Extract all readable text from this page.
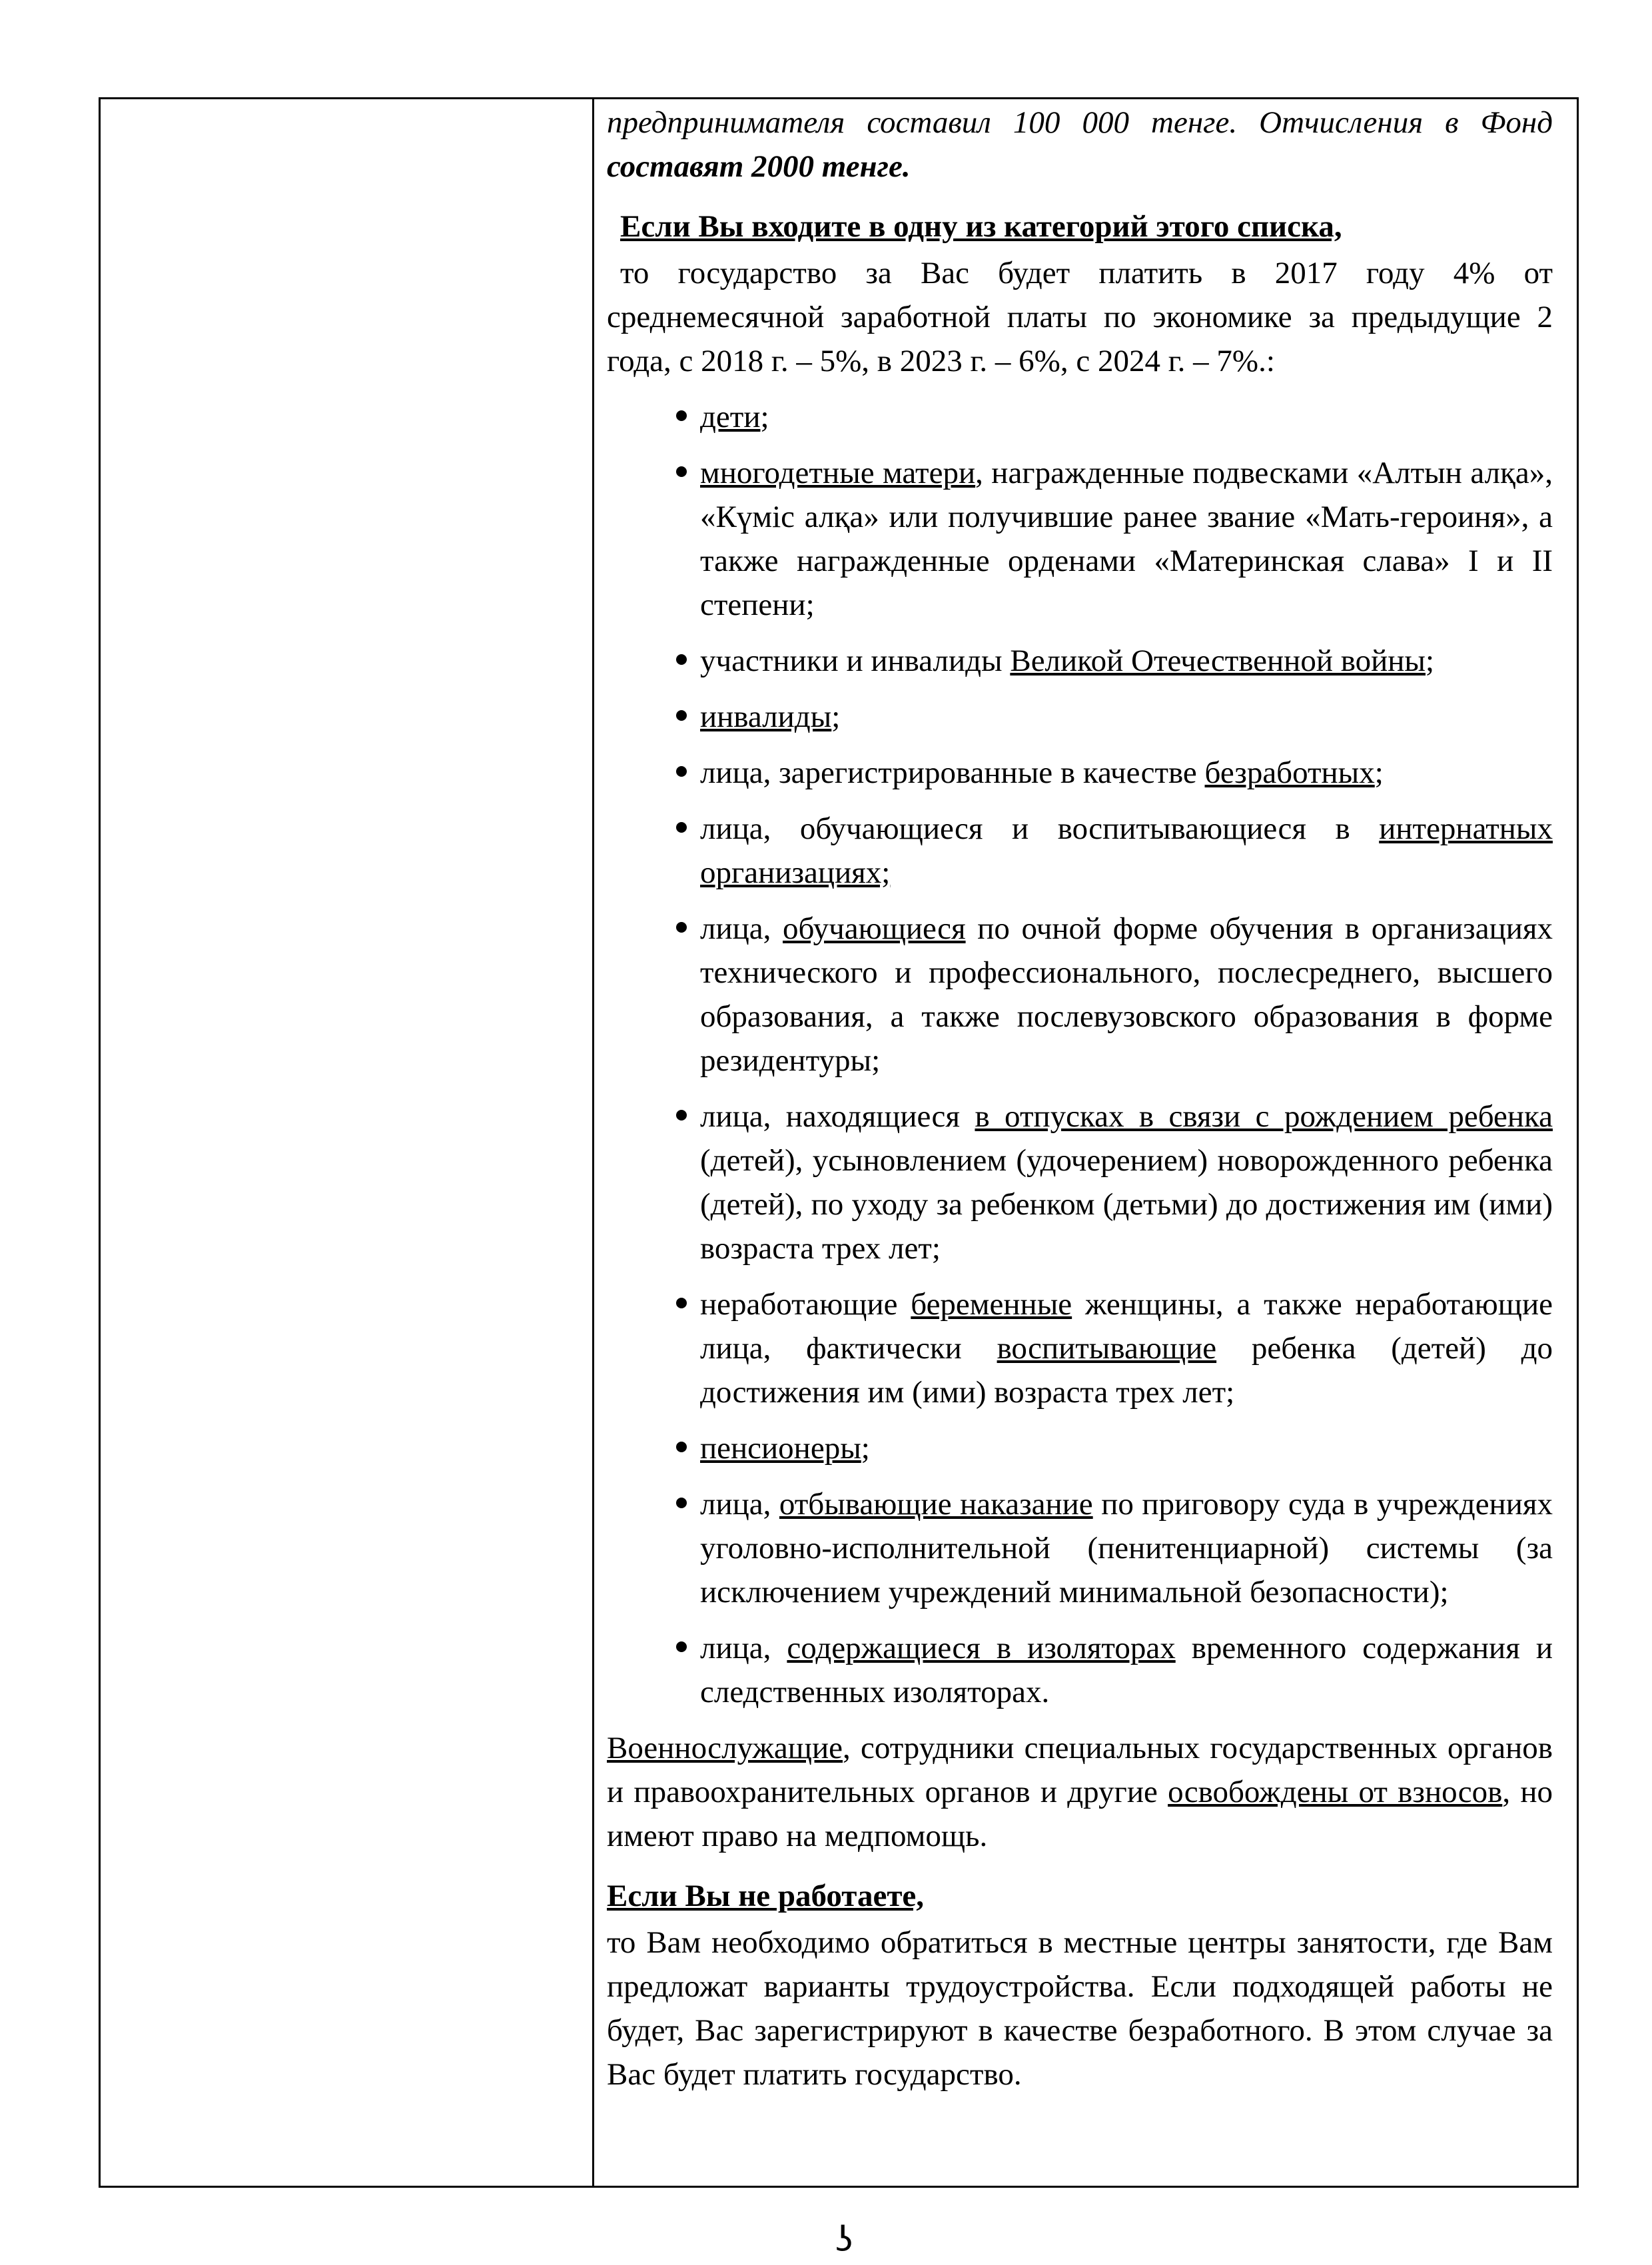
предпринимателя составил 100 000 тенге. Отчисления в Фонд составят 2000 тенге.

Если Вы входите в одну из категорий этого списка,

то государство за Вас будет платить в 2017 году 4% от среднемесячной заработной платы по экономике за предыдущие 2 года, с 2018 г. – 5%, в 2023 г. – 6%, с 2024 г. – 7%.:

дети;
многодетные матери, награжденные подвесками «Алтын алқа», «Күміс алқа» или получившие ранее звание «Мать-героиня», а также награжденные орденами «Материнская слава» I и II степени;
участники и инвалиды Великой Отечественной войны;
инвалиды;
лица, зарегистрированные в качестве безработных;
лица, обучающиеся и воспитывающиеся в интернатных организациях;
лица, обучающиеся по очной форме обучения в организациях технического и профессионального, послесреднего, высшего образования, а также послевузовского образования в форме резидентуры;
лица, находящиеся в отпусках в связи с рождением ребенка (детей), усыновлением (удочерением) новорожденного ребенка (детей), по уходу за ребенком (детьми) до достижения им (ими) возраста трех лет;
неработающие беременные женщины, а также неработающие лица, фактически воспитывающие ребенка (детей) до достижения им (ими) возраста трех лет;
пенсионеры;
лица, отбывающие наказание по приговору суда в учреждениях уголовно-исполнительной (пенитенциарной) системы (за исключением учреждений минимальной безопасности);
лица, содержащиеся в изоляторах временного содержания и следственных изоляторах.

Военнослужащие, сотрудники специальных государственных органов и правоохранительных органов и другие освобождены от взносов, но имеют право на медпомощь.

Если Вы не работаете,

то Вам необходимо обратиться в местные центры занятости, где Вам предложат варианты трудоустройства. Если подходящей работы не будет, Вас зарегистрируют в качестве безработного. В этом случае за Вас будет платить государство.

ʖ
